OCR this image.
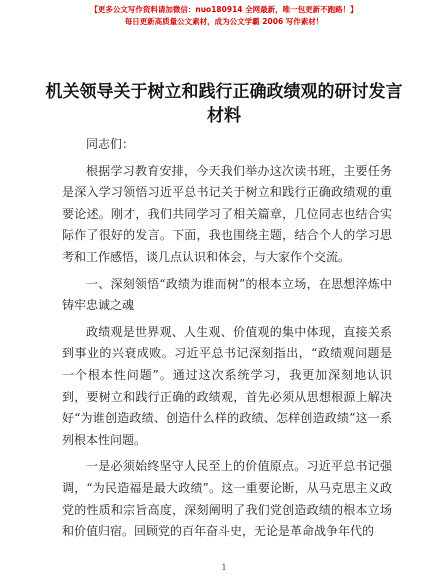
【更多公文写作资料请加微信：nuo180914 全网最新，唯一包更新不跑路！】
每日更新高质量公文素材，成为公文学霸 2006 写作素材！
机关领导关于树立和践行正确政绩观的研讨发言材料

同志们：

根据学习教育安排，今天我们举办这次读书班，主要任务是深入学习领悟习近平总书记关于树立和践行正确政绩观的重要论述。刚才，我们共同学习了相关篇章，几位同志也结合实际作了很好的发言。下面，我也围绕主题，结合个人的学习思考和工作感悟，谈几点认识和体会，与大家作个交流。

一、深刻领悟“政绩为谁而树”的根本立场，在思想淬炼中铸牢忠诚之魂

政绩观是世界观、人生观、价值观的集中体现，直接关系到事业的兴衰成败。习近平总书记深刻指出，“政绩观问题是一个根本性问题”。通过这次系统学习，我更加深刻地认识到，要树立和践行正确的政绩观，首先必须从思想根源上解决好“为谁创造政绩、创造什么样的政绩、怎样创造政绩”这一系列根本性问题。

一是必须始终坚守人民至上的价值原点。习近平总书记强调，“为民造福是最大政绩”。这一重要论断，从马克思主义政党的性质和宗旨高度，深刻阐明了我们党创造政绩的根本立场和价值归宿。回顾党的百年奋斗史，无论是革命战争年代的

1
